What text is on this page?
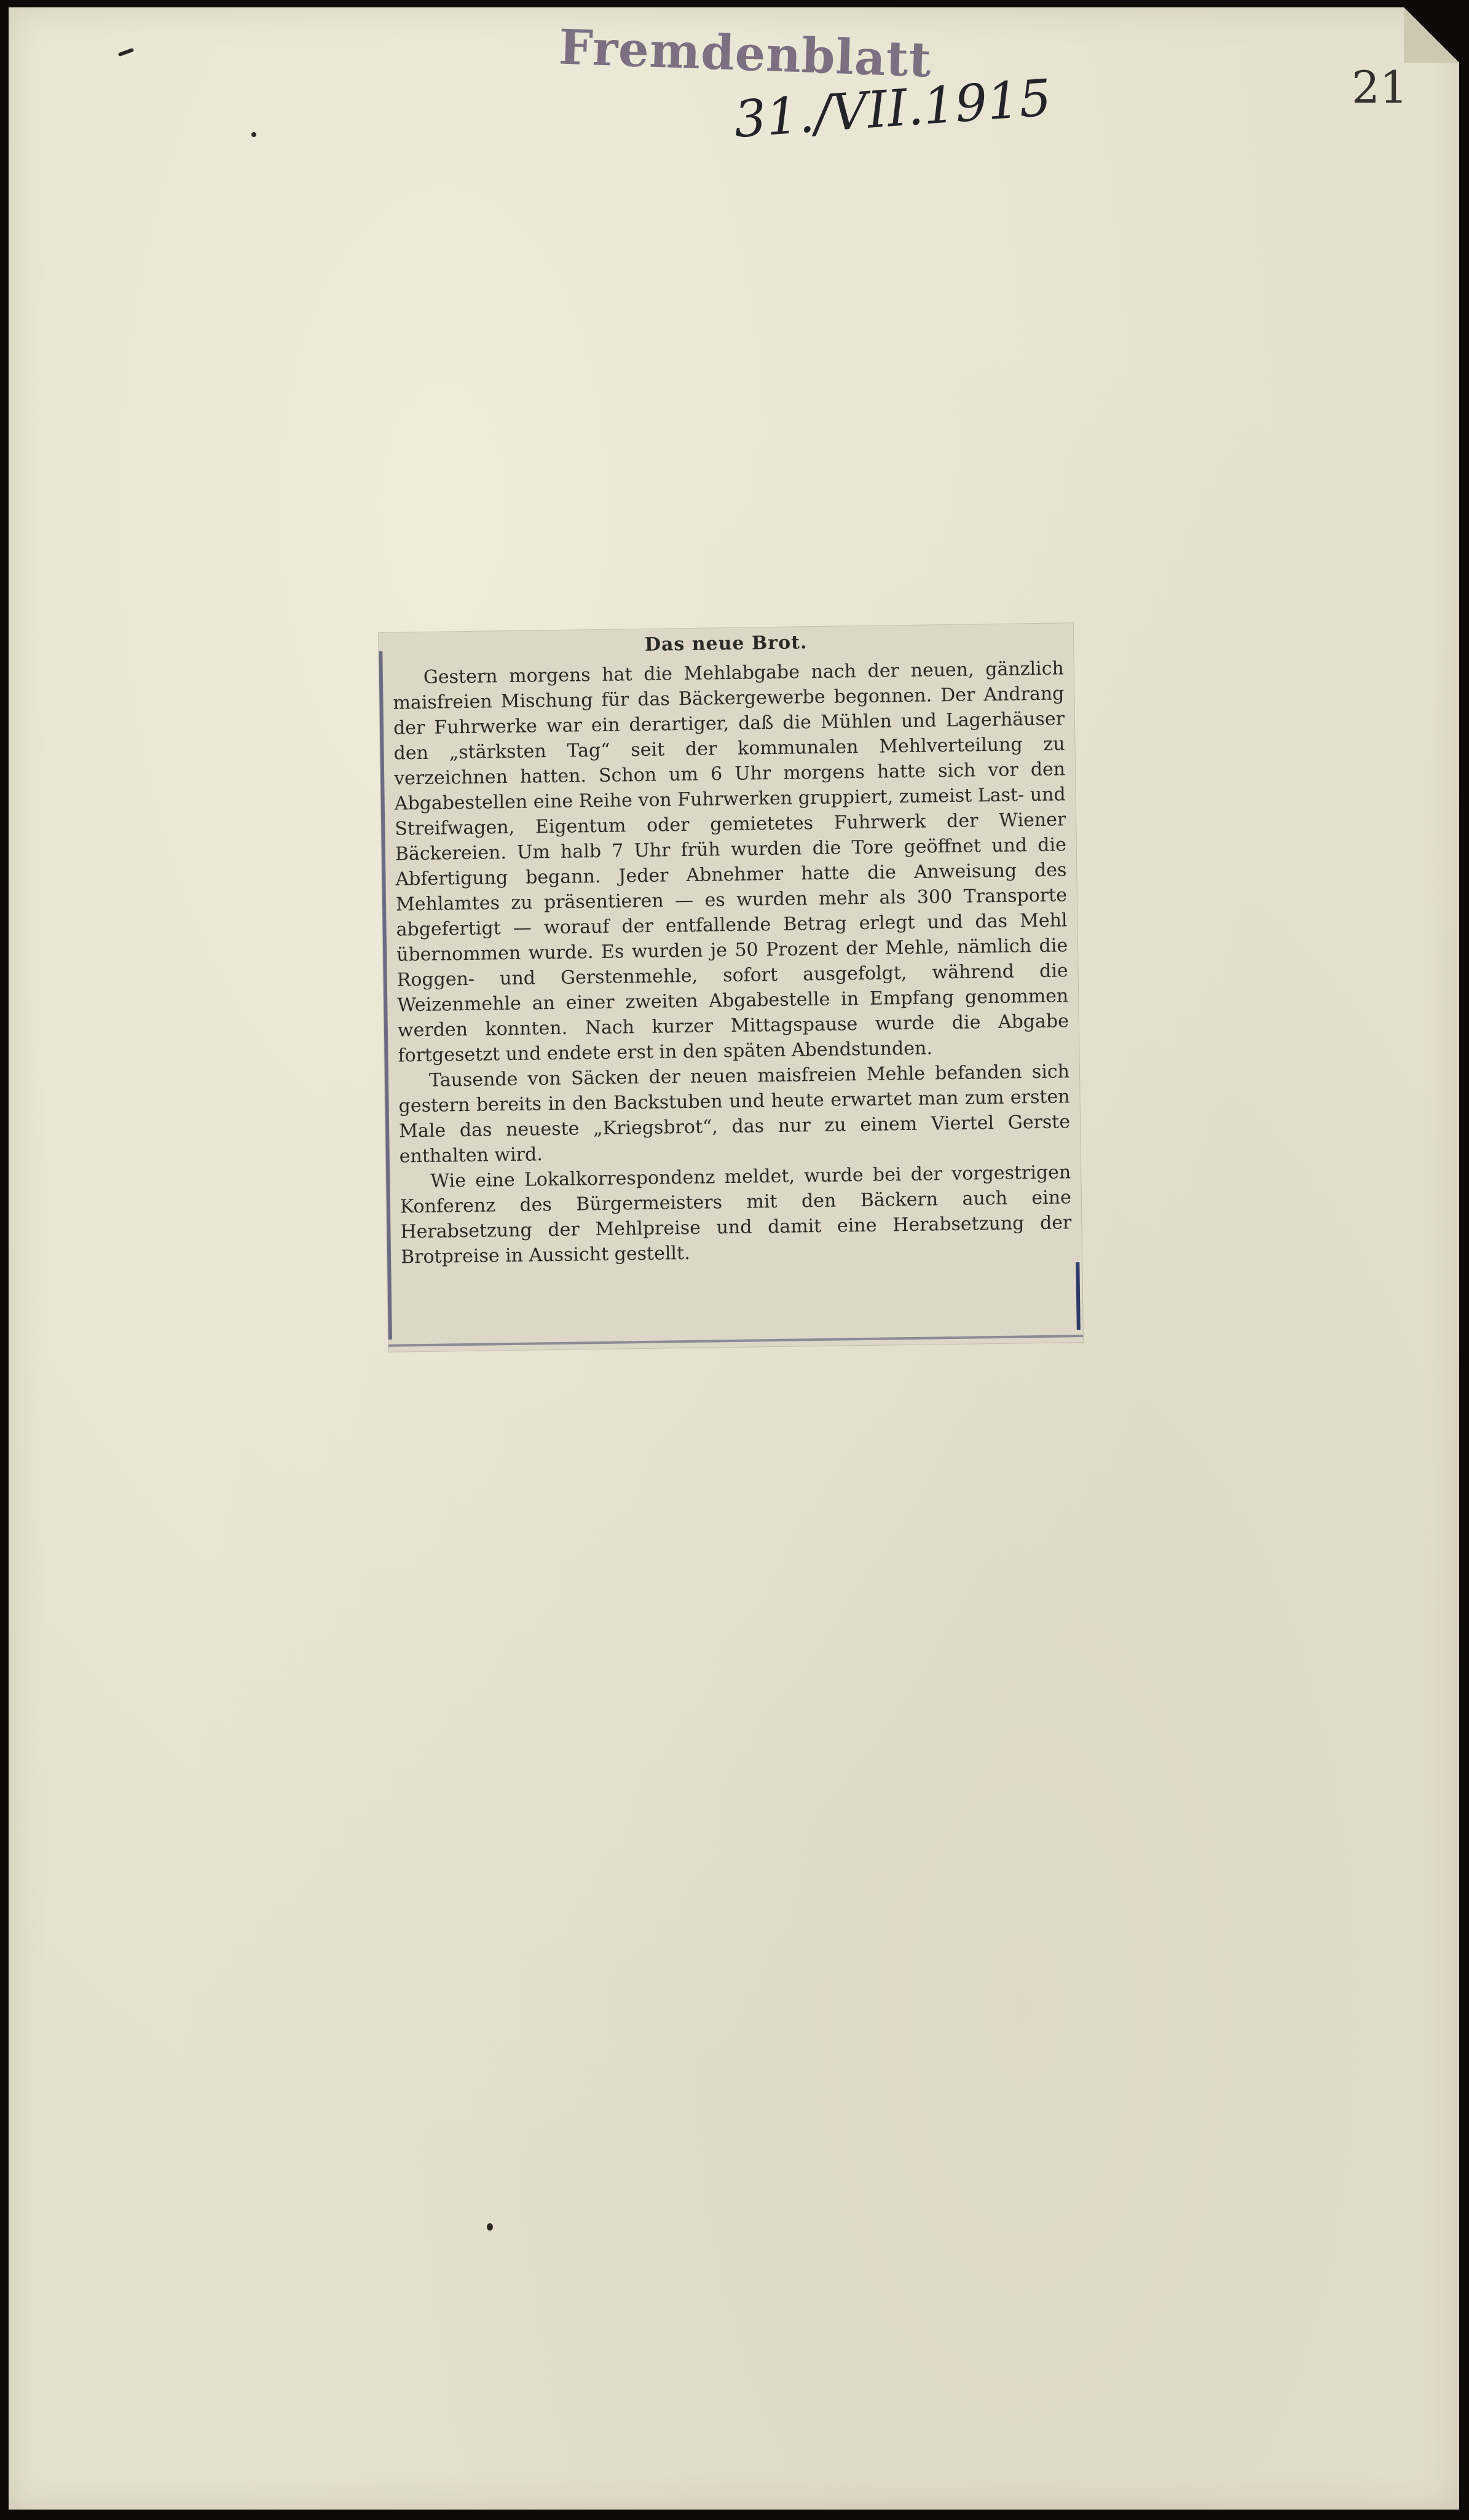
Fremdenblatt
31./VII.1915	21
Das neue Brot.

Gestern morgens hat die Mehlabgabe nach der neuen, gänzlich maisfreien Mischung für das Bäckergewerbe begonnen. Der Andrang der Fuhrwerke war ein derartiger, daß die Mühlen und Lagerhäuser den „stärksten Tag“ seit der kommunalen Mehlverteilung zu verzeichnen hatten. Schon um 6 Uhr morgens hatte sich vor den Abgabestellen eine Reihe von Fuhrwerken gruppiert, zumeist Last- und Streifwagen, Eigentum oder gemietetes Fuhrwerk der Wiener Bäckereien. Um halb 7 Uhr früh wurden die Tore geöffnet und die Abfertigung begann. Jeder Abnehmer hatte die Anweisung des Mehlamtes zu präsentieren — es wurden mehr als 300 Transporte abgefertigt — worauf der entfallende Betrag erlegt und das Mehl übernommen wurde. Es wurden je 50 Prozent der Mehle, nämlich die Roggen- und Gerstenmehle, sofort ausgefolgt, während die Weizenmehle an einer zweiten Abgabestelle in Empfang genommen werden konnten. Nach kurzer Mittagspause wurde die Abgabe fortgesetzt und endete erst in den späten Abendstunden.

Tausende von Säcken der neuen maisfreien Mehle befanden sich gestern bereits in den Backstuben und heute erwartet man zum ersten Male das neueste „Kriegsbrot“, das nur zu einem Viertel Gerste enthalten wird.

Wie eine Lokalkorrespondenz meldet, wurde bei der vorgestrigen Konferenz des Bürgermeisters mit den Bäckern auch eine Herabsetzung der Mehlpreise und damit eine Herabsetzung der Brotpreise in Aussicht gestellt.
